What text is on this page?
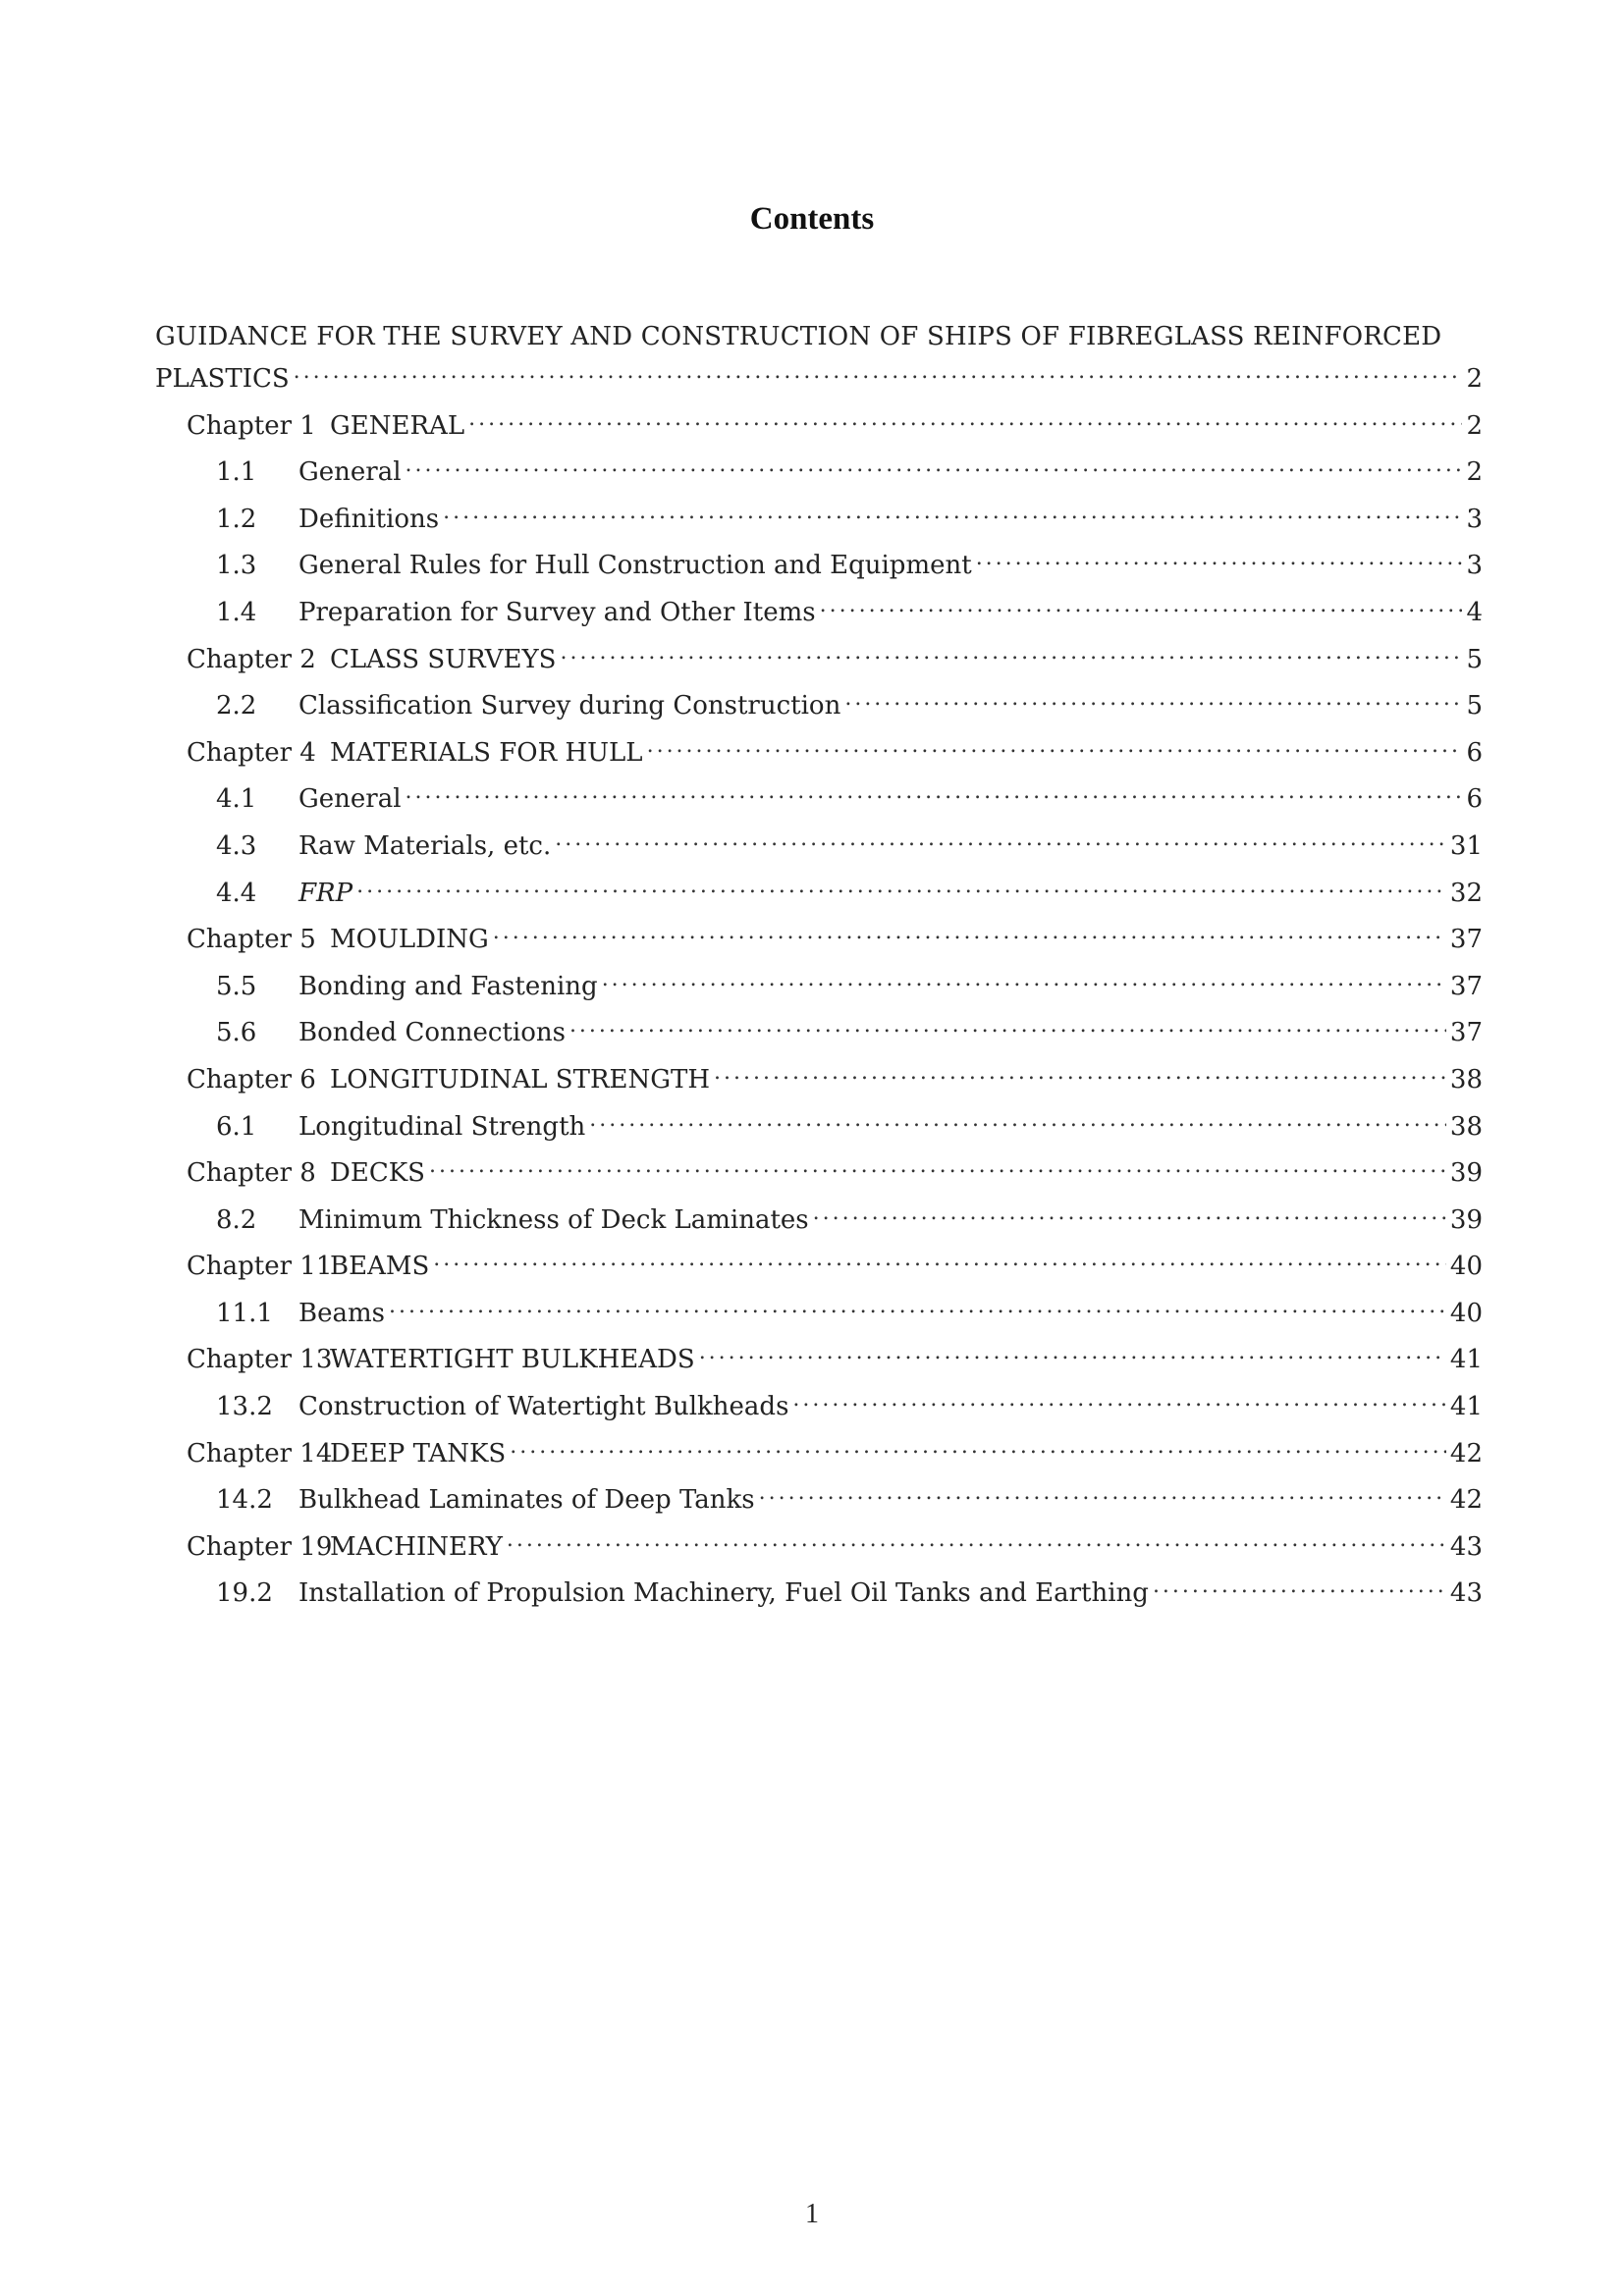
Contents
GUIDANCE FOR THE SURVEY AND CONSTRUCTION OF SHIPS OF FIBREGLASS REINFORCED
PLASTICS .....	2
Chapter 1 GENERAL .....	2
1.1	General .....	2
1.2	Definitions .....	3
1.3	General Rules for Hull Construction and Equipment .....	3
1.4	Preparation for Survey and Other Items .....	4
Chapter 2 CLASS SURVEYS .....	5
2.2	Classification Survey during Construction .....	5
Chapter 4 MATERIALS FOR HULL .....	6
4.1	General .....	6
4.3	Raw Materials, etc. .....	31
4.4	FRP .....	32
Chapter 5 MOULDING .....	37
5.5	Bonding and Fastening .....	37
5.6	Bonded Connections .....	37
Chapter 6 LONGITUDINAL STRENGTH .....	38
6.1	Longitudinal Strength .....	38
Chapter 8 DECKS .....	39
8.2	Minimum Thickness of Deck Laminates .....	39
Chapter 11
BEAMS .....	40
11.1	Beams .....	40
Chapter 13
WATERTIGHT BULKHEADS .....	41
13.2	Construction of Watertight Bulkheads .....	41
Chapter 14
DEEP TANKS .....	42
14.2	Bulkhead Laminates of Deep Tanks .....	42
Chapter 19
MACHINERY .....	43
19.2	Installation of Propulsion Machinery, Fuel Oil Tanks and Earthing .....	43
1
